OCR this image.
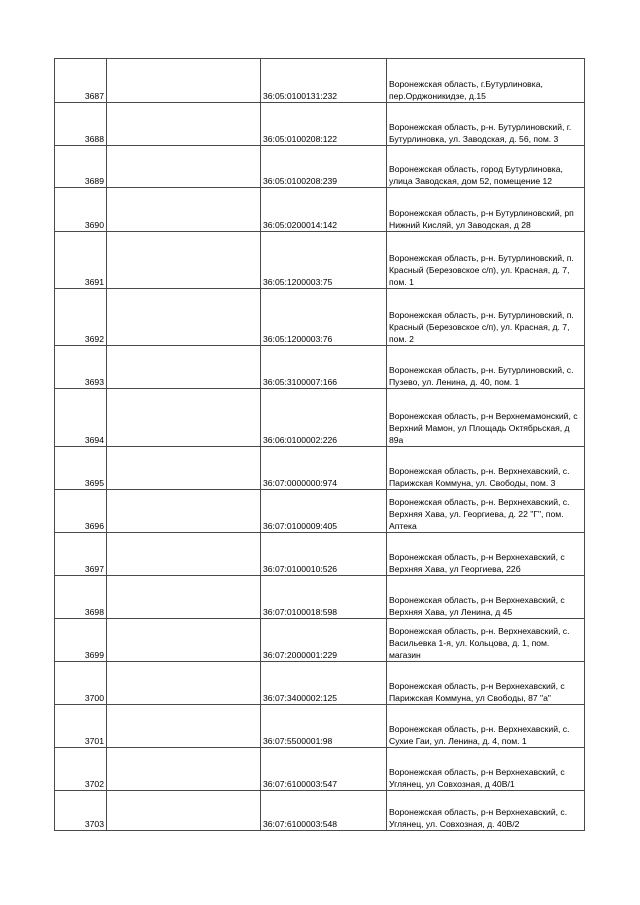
3687		36:05:0100131:232	Воронежская область, г.Бутурлиновка, пер.Орджоникидзе, д.15
3688		36:05:0100208:122	Воронежская область, р-н. Бутурлиновский, г. Бутурлиновка, ул. Заводская, д. 56, пом. 3
3689		36:05:0100208:239	Воронежская область, город Бутурлиновка, улица Заводская, дом 52, помещение 12
3690		36:05:0200014:142	Воронежская область, р-н Бутурлиновский, рп Нижний Кисляй, ул Заводская, д 28
3691		36:05:1200003:75	Воронежская область, р-н. Бутурлиновский, п. Красный (Березовское с/п), ул. Красная, д. 7, пом. 1
3692		36:05:1200003:76	Воронежская область, р-н. Бутурлиновский, п. Красный (Березовское с/п), ул. Красная, д. 7, пом. 2
3693		36:05:3100007:166	Воронежская область, р-н. Бутурлиновский, с. Пузево, ул. Ленина, д. 40, пом. 1
3694		36:06:0100002:226	Воронежская область, р-н Верхнемамонский, с Верхний Мамон, ул Площадь Октябрьская, д 89а
3695		36:07:0000000:974	Воронежская область, р-н. Верхнехавский, с. Парижская Коммуна, ул. Свободы, пом. 3
3696		36:07:0100009:405	Воронежская область, р-н. Верхнехавский, с. Верхняя Хава, ул. Георгиева, д. 22 "Г", пом. Аптека
3697		36:07:0100010:526	Воронежская область, р-н Верхнехавский, с Верхняя Хава, ул Георгиева, 22б
3698		36:07:0100018:598	Воронежская область, р-н Верхнехавский, с Верхняя Хава, ул Ленина, д 45
3699		36:07:2000001:229	Воронежская область, р-н. Верхнехавский, с. Васильевка 1-я, ул. Кольцова, д. 1, пом. магазин
3700		36:07:3400002:125	Воронежская область, р-н Верхнехавский, с Парижская Коммуна, ул Свободы, 87 "а"
3701		36:07:5500001:98	Воронежская область, р-н. Верхнехавский, с. Сухие Гаи, ул. Ленина, д. 4, пом. 1
3702		36:07:6100003:547	Воронежская область, р-н Верхнехавский, с Углянец, ул Совхозная, д 40В/1
3703		36:07:6100003:548	Воронежская область, р-н Верхнехавский, с. Углянец, ул. Совхозная, д. 40В/2
